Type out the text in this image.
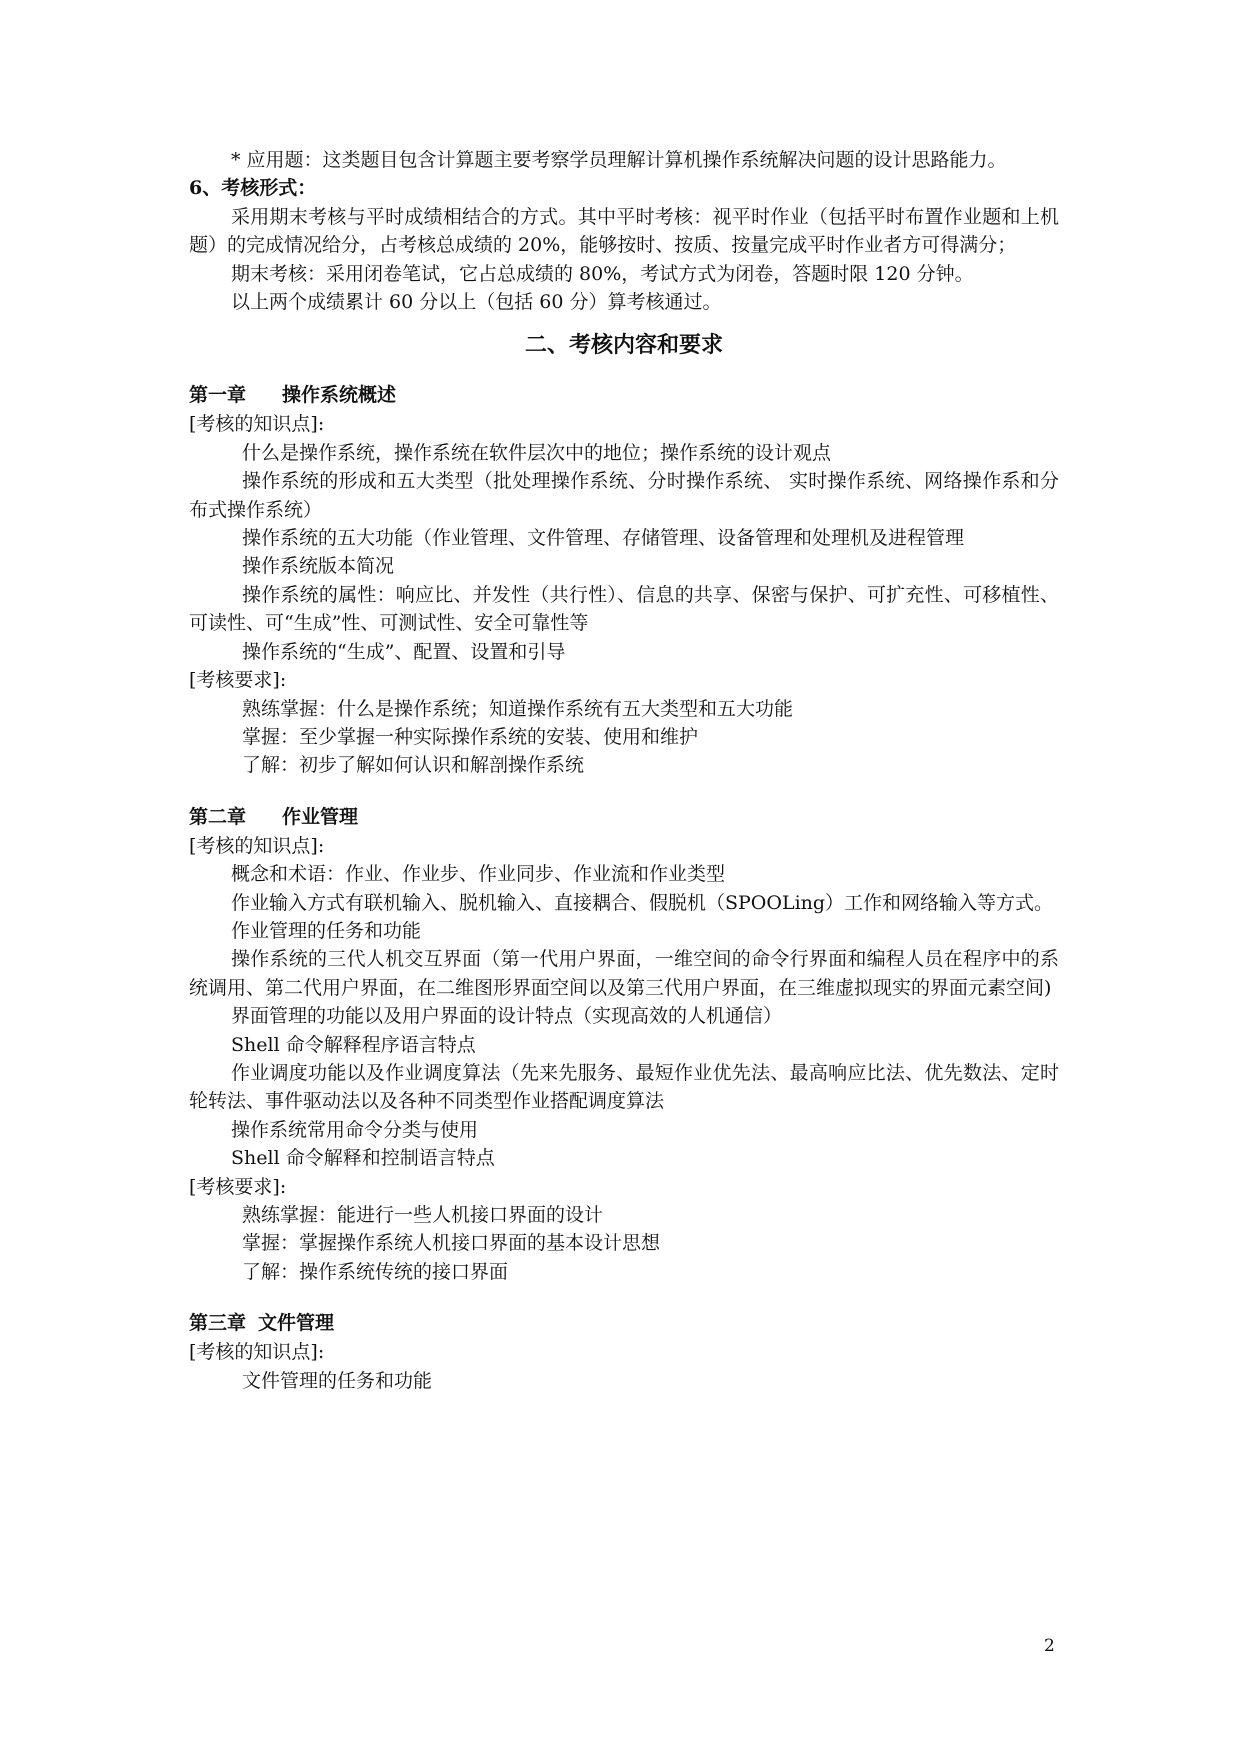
* 应用题：这类题目包含计算题主要考察学员理解计算机操作系统解决问题的设计思路能力。
6、考核形式：
采用期末考核与平时成绩相结合的方式。其中平时考核：视平时作业（包括平时布置作业题和上机题）的完成情况给分，占考核总成绩的 20%，能够按时、按质、按量完成平时作业者方可得满分；
期末考核：采用闭卷笔试，它占总成绩的 80%，考试方式为闭卷，答题时限 120 分钟。
以上两个成绩累计 60 分以上（包括 60 分）算考核通过。
二、考核内容和要求
第一章 操作系统概述
[考核的知识点]:
什么是操作系统，操作系统在软件层次中的地位；操作系统的设计观点
操作系统的形成和五大类型（批处理操作系统、分时操作系统、 实时操作系统、网络操作系和分布式操作系统）
操作系统的五大功能（作业管理、文件管理、存储管理、设备管理和处理机及进程管理
操作系统版本简况
操作系统的属性：响应比、并发性（共行性）、信息的共享、保密与保护、可扩充性、可移植性、可读性、可“生成”性、可测试性、安全可靠性等
操作系统的“生成”、配置、设置和引导
[考核要求]:
熟练掌握：什么是操作系统；知道操作系统有五大类型和五大功能
掌握：至少掌握一种实际操作系统的安装、使用和维护
了解：初步了解如何认识和解剖操作系统
第二章 作业管理
[考核的知识点]:
概念和术语：作业、作业步、作业同步、作业流和作业类型
作业输入方式有联机输入、脱机输入、直接耦合、假脱机（SPOOLing）工作和网络输入等方式。
作业管理的任务和功能
操作系统的三代人机交互界面（第一代用户界面，一维空间的命令行界面和编程人员在程序中的系统调用、第二代用户界面，在二维图形界面空间以及第三代用户界面，在三维虚拟现实的界面元素空间)
界面管理的功能以及用户界面的设计特点（实现高效的人机通信）
Shell 命令解释程序语言特点
作业调度功能以及作业调度算法（先来先服务、最短作业优先法、最高响应比法、优先数法、定时轮转法、事件驱动法以及各种不同类型作业搭配调度算法
操作系统常用命令分类与使用
Shell 命令解释和控制语言特点
[考核要求]:
熟练掌握：能进行一些人机接口界面的设计
掌握：掌握操作系统人机接口界面的基本设计思想
了解：操作系统传统的接口界面
第三章 文件管理
[考核的知识点]:
文件管理的任务和功能
2
